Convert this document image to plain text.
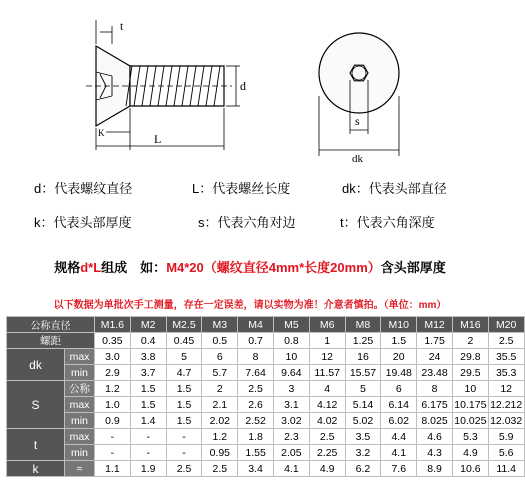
t
d
K	L
s
dk
d：代表螺纹直径	L：代表螺丝长度	dk：代表头部直径
k：代表头部厚度	s：代表六角对边	t：代表六角深度
规格d*L组成　如：M4*20（螺纹直径4mm*长度20mm）含头部厚度
以下数据为单批次手工测量，存在一定误差，请以实物为准！介意者慎拍。（单位：mm）
公称直径		M1.6	M2	M2.5	M3	M4	M5	M6	M8	M10	M12	M16	M20
螺距		0.35	0.4	0.45	0.5	0.7	0.8	1	1.25	1.5	1.75	2	2.5
dk	max	3.0	3.8	5	6	8	10	12	16	20	24	29.8	35.5
	min	2.9	3.7	4.7	5.7	7.64	9.64	11.57	15.57	19.48	23.48	29.5	35.3
S	公称	1.2	1.5	1.5	2	2.5	3	4	5	6	8	10	12
	max	1.0	1.5	1.5	2.1	2.6	3.1	4.12	5.14	6.14	6.175	10.175	12.212
	min	0.9	1.4	1.5	2.02	2.52	3.02	4.02	5.02	6.02	8.025	10.025	12.032
t	max	-	-	-	1.2	1.8	2.3	2.5	3.5	4.4	4.6	5.3	5.9
	min	-	-	-	0.95	1.55	2.05	2.25	3.2	4.1	4.3	4.9	5.6
k	≈	1.1	1.9	2.5	2.5	3.4	4.1	4.9	6.2	7.6	8.9	10.6	11.4
